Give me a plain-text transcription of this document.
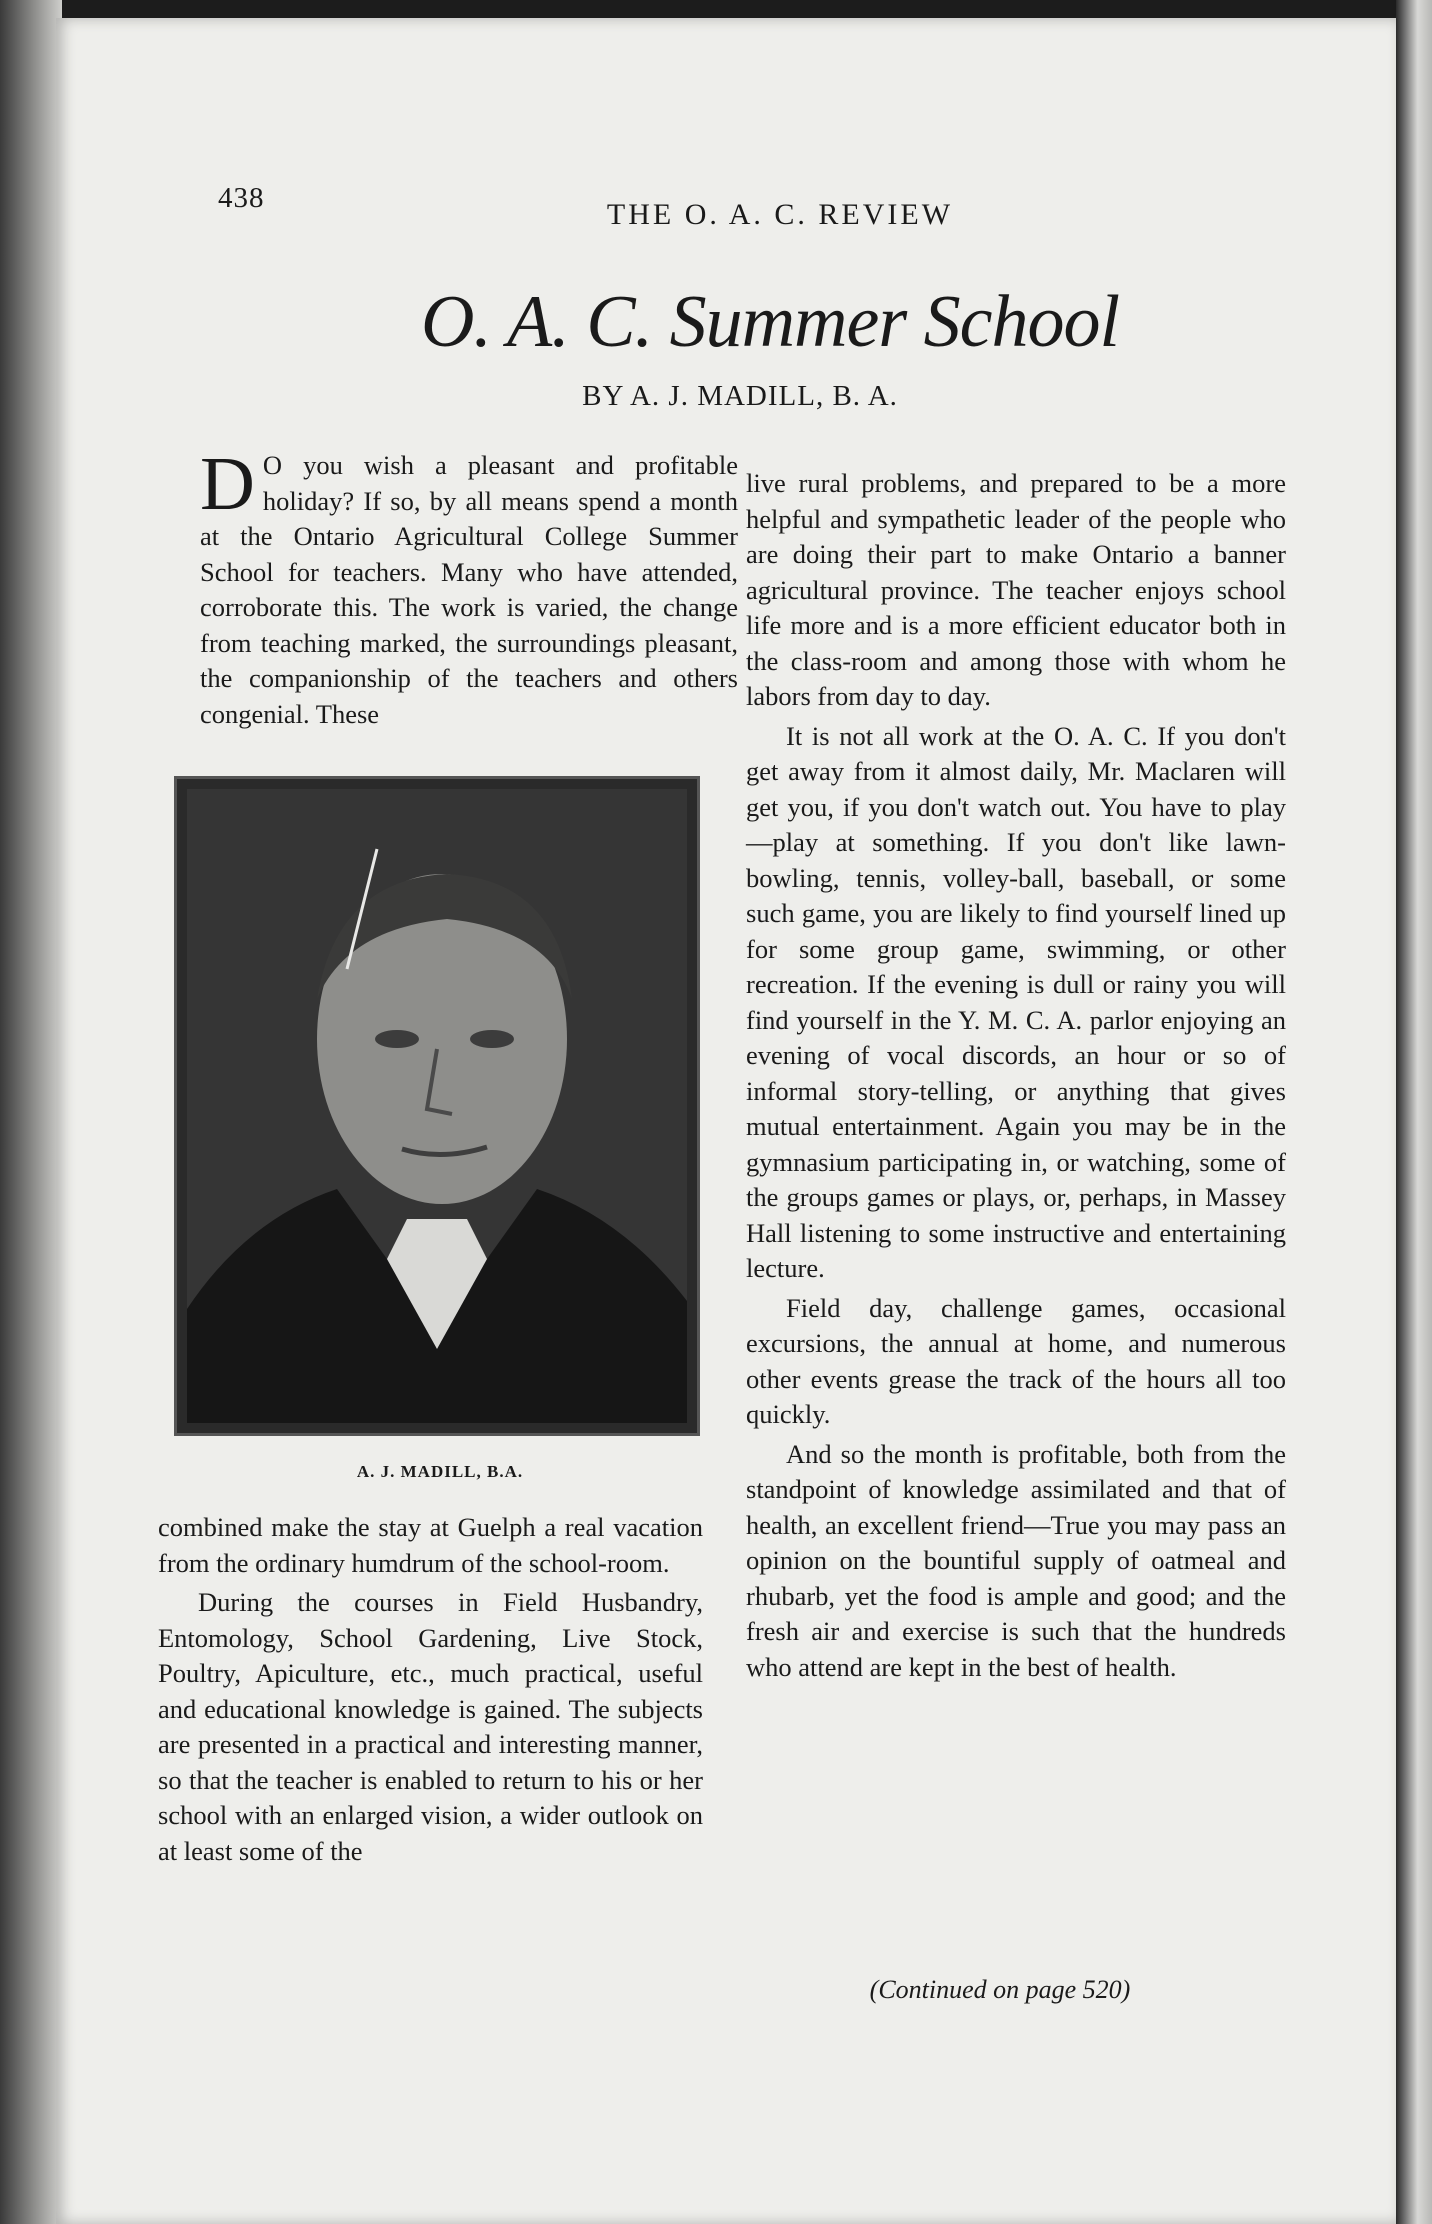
438	THE O. A. C. REVIEW
O. A. C. Summer School
BY A. J. MADILL, B. A.

D O you wish a pleasant and profitable holiday? If so, by all means spend a month at the Ontario Agricultural College Summer School for teachers. Many who have attended, corroborate this. The work is varied, the change from teaching marked, the surroundings pleasant, the companionship of the teachers and others congenial. These

A. J. MADILL, B.A.

combined make the stay at Guelph a real vacation from the ordinary humdrum of the school-room.

During the courses in Field Husbandry, Entomology, School Gardening, Live Stock, Poultry, Apiculture, etc., much practical, useful and educational knowledge is gained. The subjects are presented in a practical and interesting manner, so that the teacher is enabled to return to his or her school with an enlarged vision, a wider outlook on at least some of the

live rural problems, and prepared to be a more helpful and sympathetic leader of the people who are doing their part to make Ontario a banner agricultural province. The teacher enjoys school life more and is a more efficient educator both in the class-room and among those with whom he labors from day to day.

It is not all work at the O. A. C. If you don't get away from it almost daily, Mr. Maclaren will get you, if you don't watch out. You have to play—play at something. If you don't like lawn-bowling, tennis, volley-ball, baseball, or some such game, you are likely to find yourself lined up for some group game, swimming, or other recreation. If the evening is dull or rainy you will find yourself in the Y. M. C. A. parlor enjoying an evening of vocal discords, an hour or so of informal story-telling, or anything that gives mutual entertainment. Again you may be in the gymnasium participating in, or watching, some of the groups games or plays, or, perhaps, in Massey Hall listening to some instructive and entertaining lecture.

Field day, challenge games, occasional excursions, the annual at home, and numerous other events grease the track of the hours all too quickly.

And so the month is profitable, both from the standpoint of knowledge assimilated and that of health, an excellent friend—True you may pass an opinion on the bountiful supply of oatmeal and rhubarb, yet the food is ample and good; and the fresh air and exercise is such that the hundreds who attend are kept in the best of health.

(Continued on page 520)
